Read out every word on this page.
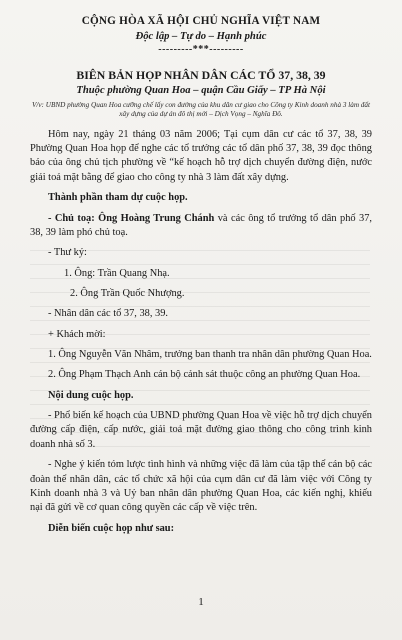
CỘNG HÒA XÃ HỘI CHỦ NGHĨA VIỆT NAM
Độc lập – Tự do – Hạnh phúc
---------***---------
BIÊN BẢN HỌP NHÂN DÂN CÁC TỔ 37, 38, 39
Thuộc phường Quan Hoa – quận Cầu Giấy – TP Hà Nội
V/v: UBND phường Quan Hoa cưỡng chế lấy con đường của khu dân cư giao cho Công ty Kinh doanh nhà 3 làm đất xây dựng của dự án đô thị mới – Dịch Vọng – Nghĩa Đô.

Hôm nay, ngày 21 tháng 03 năm 2006; Tại cụm dân cư các tổ 37, 38, 39 Phường Quan Hoa họp để nghe các tổ trưởng các tổ dân phố 37, 38, 39 đọc thông báo của ông chủ tịch phường về “kế hoạch hỗ trợ dịch chuyển đường điện, nước giải toả mặt bằng để giao cho công ty nhà 3 làm đất xây dựng.

Thành phần tham dự cuộc họp.

- Chủ toạ: Ông Hoàng Trung Chánh và các ông tổ trưởng tổ dân phố 37, 38, 39 làm phó chủ toạ.

- Thư ký:

1. Ông: Trần Quang Nhạ.

2. Ông Trần Quốc Nhượng.

- Nhân dân các tổ 37, 38, 39.

+ Khách mời:

1. Ông Nguyễn Văn Nhâm, trưởng ban thanh tra nhân dân phường Quan Hoa.

2. Ông Phạm Thạch Anh cán bộ cảnh sát thuộc công an phường Quan Hoa.

Nội dung cuộc họp.

- Phổ biến kế hoạch của UBND phường Quan Hoa về việc hỗ trợ dịch chuyển đường cấp điện, cấp nước, giải toả mặt đường giao thông cho công trình kinh doanh nhà số 3.

- Nghe ý kiến tóm lược tình hình và những việc đã làm của tập thể cán bộ các đoàn thể nhân dân, các tổ chức xã hội của cụm dân cư đã làm việc với Công ty Kinh doanh nhà 3 và Uỷ ban nhân dân phường Quan Hoa, các kiến nghị, khiếu nại đã gửi về cơ quan công quyền các cấp về việc trên.

Diễn biến cuộc họp như sau:

1
